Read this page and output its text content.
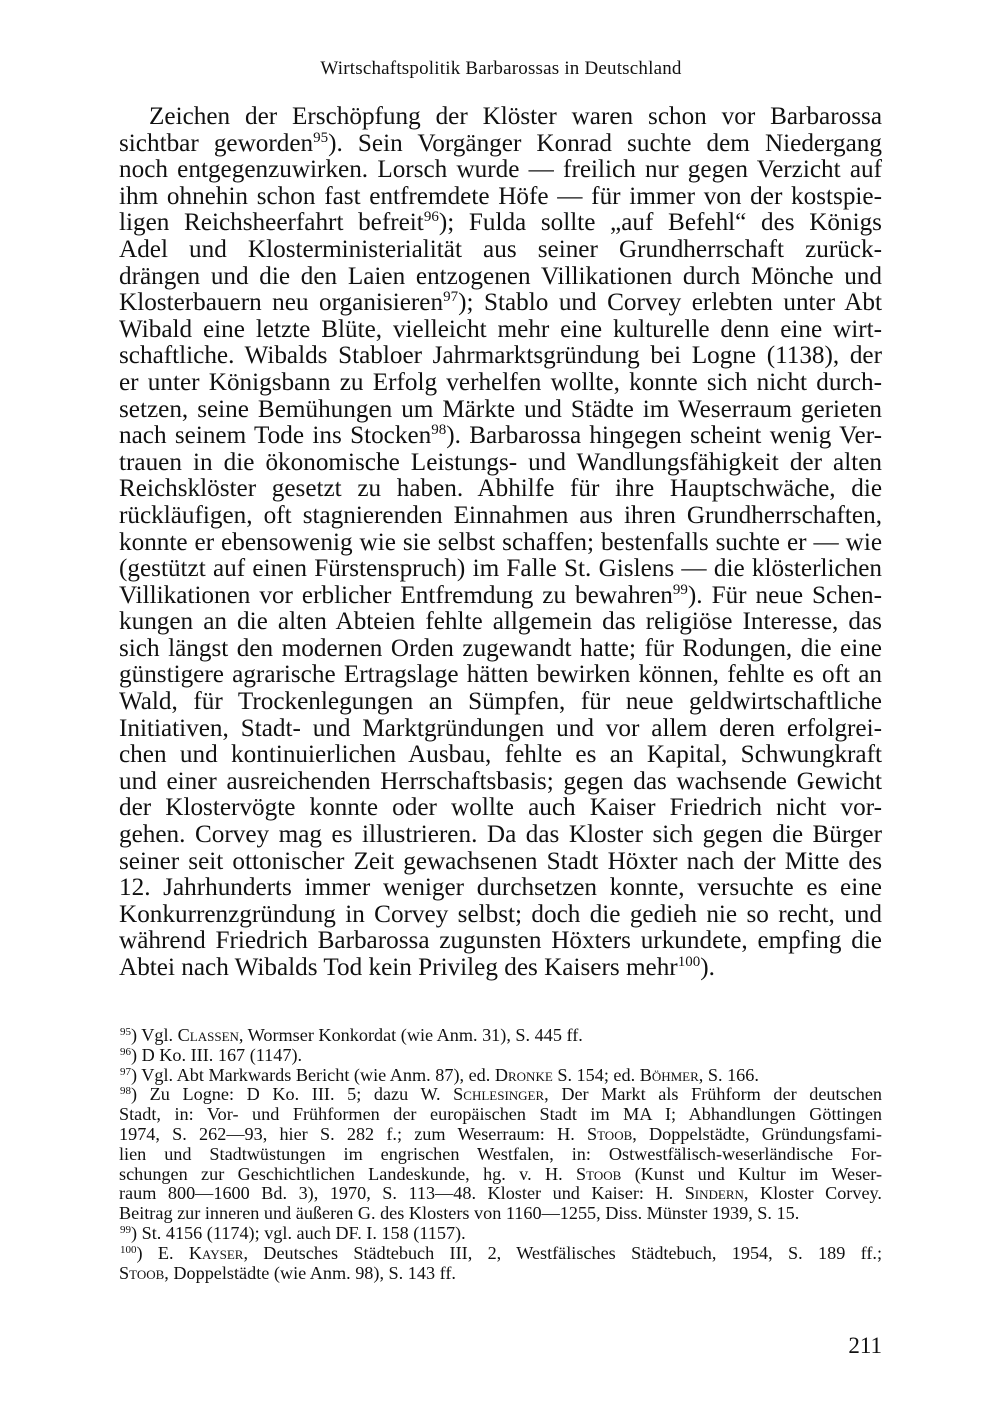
Wirtschaftspolitik Barbarossas in Deutschland
Zeichen der Erschöpfung der Klöster waren schon vor Barbarossa
sichtbar geworden$^{95}$). Sein Vorgänger Konrad suchte dem Niedergang
noch entgegenzuwirken. Lorsch wurde — freilich nur gegen Verzicht auf
ihm ohnehin schon fast entfremdete Höfe — für immer von der kostspie-
ligen Reichsheerfahrt befreit$^{96}$); Fulda sollte „auf Befehl“ des Königs
Adel und Klosterministerialität aus seiner Grundherrschaft zurück-
drängen und die den Laien entzogenen Villikationen durch Mönche und
Klosterbauern neu organisieren$^{97}$); Stablo und Corvey erlebten unter Abt
Wibald eine letzte Blüte, vielleicht mehr eine kulturelle denn eine wirt-
schaftliche. Wibalds Stabloer Jahrmarktsgründung bei Logne (1138), der
er unter Königsbann zu Erfolg verhelfen wollte, konnte sich nicht durch-
setzen, seine Bemühungen um Märkte und Städte im Weserraum gerieten
nach seinem Tode ins Stocken$^{98}$). Barbarossa hingegen scheint wenig Ver-
trauen in die ökonomische Leistungs- und Wandlungsfähigkeit der alten
Reichsklöster gesetzt zu haben. Abhilfe für ihre Hauptschwäche, die
rückläufigen, oft stagnierenden Einnahmen aus ihren Grundherrschaften,
konnte er ebensowenig wie sie selbst schaffen; bestenfalls suchte er — wie
(gestützt auf einen Fürstenspruch) im Falle St. Gislens — die klösterlichen
Villikationen vor erblicher Entfremdung zu bewahren$^{99}$). Für neue Schen-
kungen an die alten Abteien fehlte allgemein das religiöse Interesse, das
sich längst den modernen Orden zugewandt hatte; für Rodungen, die eine
günstigere agrarische Ertragslage hätten bewirken können, fehlte es oft an
Wald, für Trockenlegungen an Sümpfen, für neue geldwirtschaftliche
Initiativen, Stadt- und Marktgründungen und vor allem deren erfolgrei-
chen und kontinuierlichen Ausbau, fehlte es an Kapital, Schwungkraft
und einer ausreichenden Herrschaftsbasis; gegen das wachsende Gewicht
der Klostervögte konnte oder wollte auch Kaiser Friedrich nicht vor-
gehen. Corvey mag es illustrieren. Da das Kloster sich gegen die Bürger
seiner seit ottonischer Zeit gewachsenen Stadt Höxter nach der Mitte des
12. Jahrhunderts immer weniger durchsetzen konnte, versuchte es eine
Konkurrenzgründung in Corvey selbst; doch die gedieh nie so recht, und
während Friedrich Barbarossa zugunsten Höxters urkundete, empfing die
Abtei nach Wibalds Tod kein Privileg des Kaisers mehr$^{100}$).
$^{95}$) Vgl. Classen, Wormser Konkordat (wie Anm. 31), S. 445 ff.
$^{96}$) D Ko. III. 167 (1147).
$^{97}$) Vgl. Abt Markwards Bericht (wie Anm. 87), ed. Dronke S. 154; ed. Böhmer, S. 166.
$^{98}$) Zu Logne: D Ko. III. 5; dazu W. Schlesinger, Der Markt als Frühform der deutschen
Stadt, in: Vor- und Frühformen der europäischen Stadt im MA I; Abhandlungen Göttingen
1974, S. 262—93, hier S. 282 f.; zum Weserraum: H. Stoob, Doppelstädte, Gründungsfami-
lien und Stadtwüstungen im engrischen Westfalen, in: Ostwestfälisch-weserländische For-
schungen zur Geschichtlichen Landeskunde, hg. v. H. Stoob (Kunst und Kultur im Weser-
raum 800—1600 Bd. 3), 1970, S. 113—48. Kloster und Kaiser: H. Sindern, Kloster Corvey.
Beitrag zur inneren und äußeren G. des Klosters von 1160—1255, Diss. Münster 1939, S. 15.
$^{99}$) St. 4156 (1174); vgl. auch DF. I. 158 (1157).
$^{100}$) E. Kayser, Deutsches Städtebuch III, 2, Westfälisches Städtebuch, 1954, S. 189 ff.;
Stoob, Doppelstädte (wie Anm. 98), S. 143 ff.
211
